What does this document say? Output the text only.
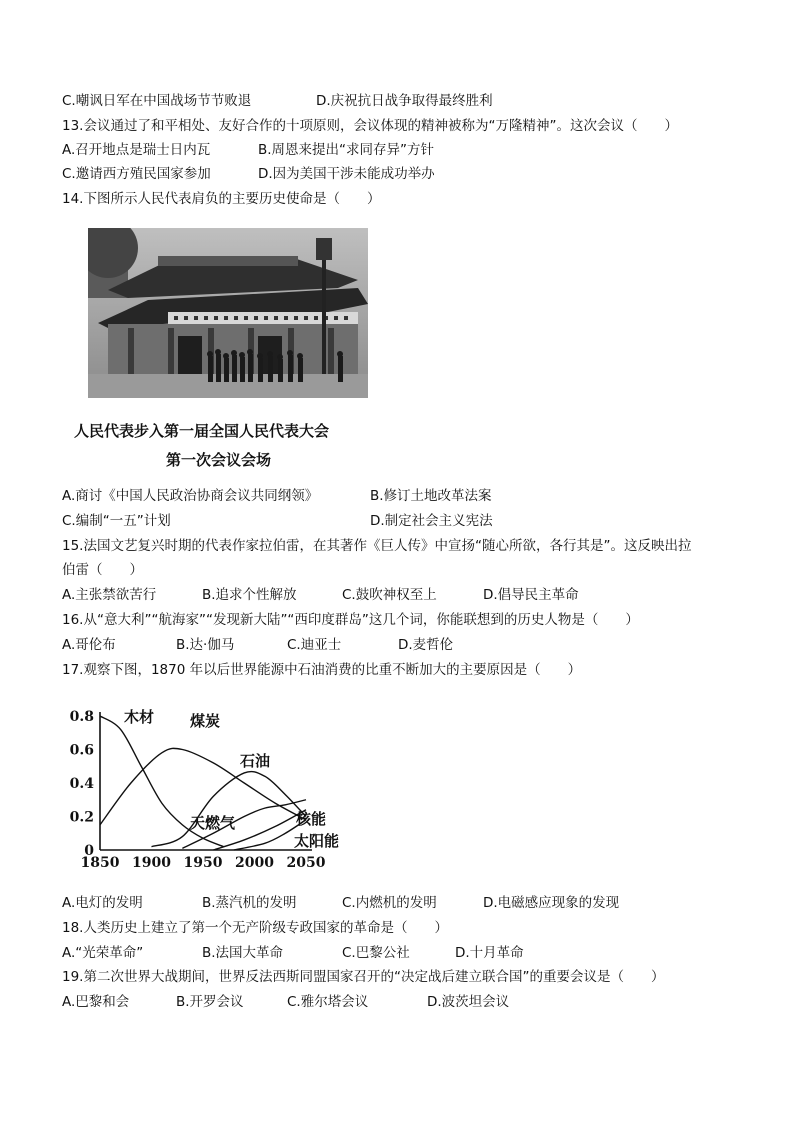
C.嘲讽日军在中国战场节节败退	D.庆祝抗日战争取得最终胜利
13.会议通过了和平相处、友好合作的十项原则，会议体现的精神被称为“万隆精神”。这次会议（　　）
A.召开地点是瑞士日内瓦	B.周恩来提出“求同存异”方针
C.邀请西方殖民国家参加	D.因为美国干涉未能成功举办
14.下图所示人民代表肩负的主要历史使命是（　　）
人民代表步入第一届全国人民代表大会
第一次会议会场
A.商讨《中国人民政治协商会议共同纲领》	B.修订土地改革法案
C.编制“一五”计划	D.制定社会主义宪法
15.法国文艺复兴时期的代表作家拉伯雷，在其著作《巨人传》中宣扬“随心所欲，各行其是”。这反映出拉
伯雷（　　）
A.主张禁欲苦行	B.追求个性解放	C.鼓吹神权至上	D.倡导民主革命
16.从“意大利”“航海家”“发现新大陆”“西印度群岛”这几个词，你能联想到的历史人物是（　　）
A.哥伦布	B.达·伽马	C.迪亚士	D.麦哲伦
17.观察下图，1870 年以后世界能源中石油消费的比重不断加大的主要原因是（　　）
0.8
0.6
0.4
0.2
0
1850 1900 1950 2000 2050
木材 煤炭
石油
天燃气	核能
太阳能
A.电灯的发明	B.蒸汽机的发明	C.内燃机的发明	D.电磁感应现象的发现
18.人类历史上建立了第一个无产阶级专政国家的革命是（　　）
A.“光荣革命”	B.法国大革命	C.巴黎公社	D.十月革命
19.第二次世界大战期间，世界反法西斯同盟国家召开的“决定战后建立联合国”的重要会议是（　　）
A.巴黎和会	B.开罗会议	C.雅尔塔会议	D.波茨坦会议
